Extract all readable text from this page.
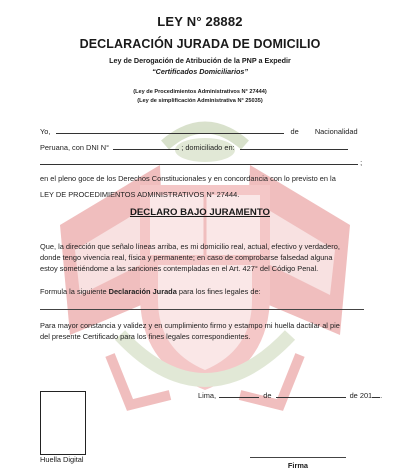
LEY N° 28882
DECLARACIÓN JURADA DE DOMICILIO
Ley de Derogación de Atribución de la PNP a Expedir
“Certificados Domiciliarios”
(Ley de Procedimientos Administrativos N° 27444)
(Ley de simplificación Administrativa N° 25035)
Yo,	de Nacionalidad
Peruana, con DNI N°	; domiciliado en:
;
en el pleno goce de los Derechos Constitucionales y en concordancia con lo previsto en la
LEY DE PROCEDIMIENTOS ADMINISTRATIVOS N° 27444.
DECLARO BAJO JURAMENTO
Que, la dirección que señalo líneas arriba, es mi domicilio real, actual, efectivo y verdadero,
donde tengo vivencia real, física y permanente; en caso de comprobarse falsedad alguna
estoy sometiéndome a las sanciones contempladas en el Art. 427° del Código Penal.
Formula la siguiente Declaración Jurada para los fines legales de:
Para mayor constancia y validez y en cumplimiento firmo y estampo mi huella dactilar al pie
del presente Certificado para los fines legales correspondientes.
Lima,	de	de 201 .
Huella Digital
Firma
